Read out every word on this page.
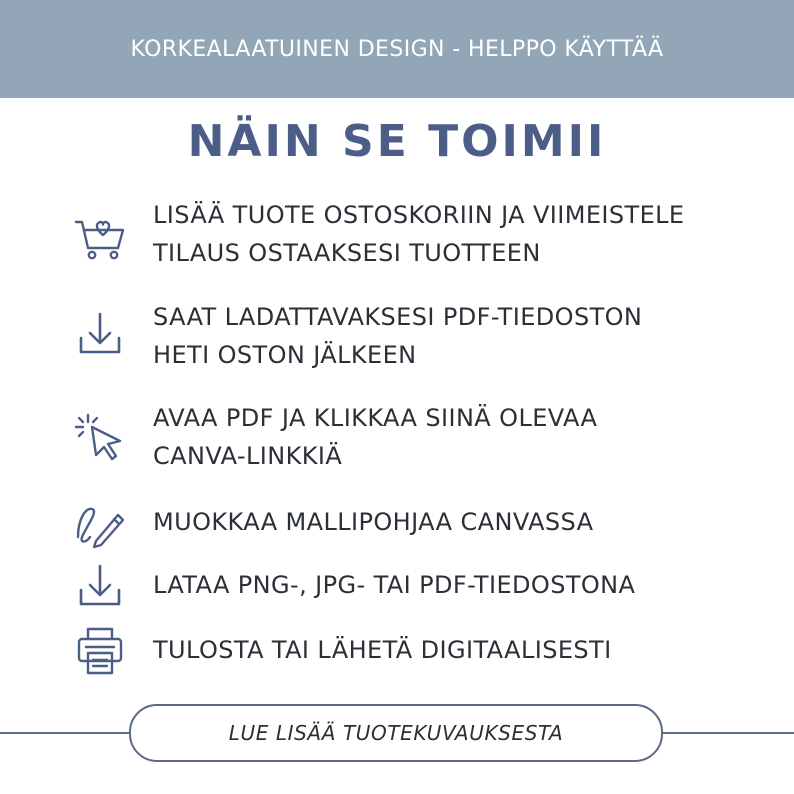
KORKEALAATUINEN DESIGN - HELPPO KÄYTTÄÄ
NÄIN SE TOIMII
LISÄÄ TUOTE OSTOSKORIIN JA VIIMEISTELE
TILAUS OSTAAKSESI TUOTTEEN
SAAT LADATTAVAKSESI PDF-TIEDOSTON
HETI OSTON JÄLKEEN
AVAA PDF JA KLIKKAA SIINÄ OLEVAA
CANVA-LINKKIÄ
MUOKKAA MALLIPOHJAA CANVASSA
LATAA PNG-, JPG- TAI PDF-TIEDOSTONA
TULOSTA TAI LÄHETÄ DIGITAALISESTI
LUE LISÄÄ TUOTEKUVAUKSESTA
